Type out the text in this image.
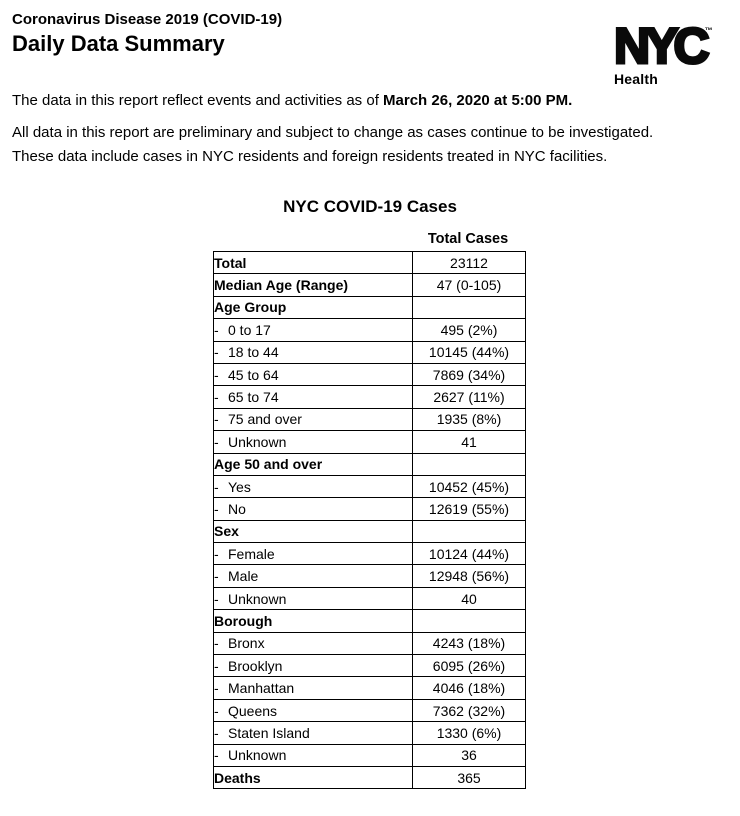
Coronavirus Disease 2019 (COVID-19)
Daily Data Summary	NYC™
Health

The data in this report reflect events and activities as of March 26, 2020 at 5:00 PM.

All data in this report are preliminary and subject to change as cases continue to be investigated.
These data include cases in NYC residents and foreign residents treated in NYC facilities.

NYC COVID-19 Cases
Total Cases
Total	23112
Median Age (Range)	47 (0-105)
Age Group	
- 0 to 17	495 (2%)
- 18 to 44	10145 (44%)
- 45 to 64	7869 (34%)
- 65 to 74	2627 (11%)
- 75 and over	1935 (8%)
- Unknown	41
Age 50 and over	
- Yes	10452 (45%)
- No	12619 (55%)
Sex	
- Female	10124 (44%)
- Male	12948 (56%)
- Unknown	40
Borough	
- Bronx	4243 (18%)
- Brooklyn	6095 (26%)
- Manhattan	4046 (18%)
- Queens	7362 (32%)
- Staten Island	1330 (6%)
- Unknown	36
Deaths	365
